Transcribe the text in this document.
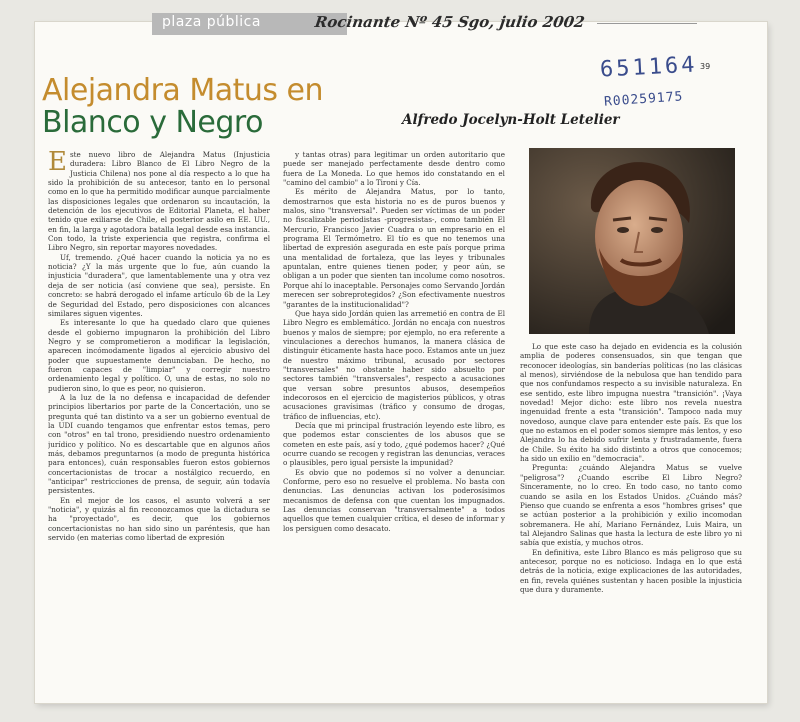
plaza pública	Rocinante Nº 45 Sgo, julio 2002
39
651164
R00259175
Alejandra Matus en
Blanco y Negro	Alfredo Jocelyn-Holt Letelier

Este nuevo libro de Alejandra Matus (Injusticia duradera: Libro Blanco de El Libro Negro de la Justicia Chilena) nos pone al día respecto a lo que ha sido la prohibición de su antecesor, tanto en lo personal como en lo que ha permitido modificar aunque parcialmente las disposiciones legales que ordenaron su incautación, la detención de los ejecutivos de Editorial Planeta, el haber tenido que exiliarse de Chile, el posterior asilo en EE. UU., en fin, la larga y agotadora batalla legal desde esa instancia. Con todo, la triste experiencia que registra, confirma el Libro Negro, sin reportar mayores novedades.

Uf, tremendo. ¿Qué hacer cuando la noticia ya no es noticia? ¿Y la más urgente que lo fue, aún cuando la injusticia "duradera", que lamentablemente una y otra vez deja de ser noticia (así conviene que sea), persiste. En concreto: se habrá derogado el infame artículo 6b de la Ley de Seguridad del Estado, pero disposiciones con alcances similares siguen vigentes.

Es interesante lo que ha quedado claro que quienes desde el gobierno impugnaron la prohibición del Libro Negro y se comprometieron a modificar la legislación, aparecen incómodamente ligados al ejercicio abusivo del poder que supuestamente denunciaban. De hecho, no fueron capaces de "limpiar" y corregir nuestro ordenamiento legal y político. O, una de estas, no solo no pudieron sino, lo que es peor, no quisieron.

A la luz de la no defensa e incapacidad de defender principios libertarios por parte de la Concertación, uno se pregunta qué tan distinto va a ser un gobierno eventual de la UDI cuando tengamos que enfrentar estos temas, pero con "otros" en tal trono, presidiendo nuestro ordenamiento jurídico y político. No es descartable que en algunos años más, debamos preguntarnos (a modo de pregunta histórica para entonces), cuán responsables fueron estos gobiernos concertacionistas de trocar a nostálgico recuerdo, en "anticipar" restricciones de prensa, de seguir, aún todavía persistentes.

En el mejor de los casos, el asunto volverá a ser "noticia", y quizás al fin reconozcamos que la dictadura se ha "proyectado", es decir, que los gobiernos concertacionistas no han sido sino un paréntesis, que han servido (en materias como libertad de expresión

y tantas otras) para legitimar un orden autoritario que puede ser manejado perfectamente desde dentro como fuera de La Moneda. Lo que hemos ido constatando en el "camino del cambio" a lo Tironi y Cía.

Es mérito de Alejandra Matus, por lo tanto, demostrarnos que esta historia no es de puros buenos y malos, sino "transversal". Pueden ser víctimas de un poder no fiscalizable periodistas -progresistas-, como también El Mercurio, Francisco Javier Cuadra o un empresario en el programa El Termómetro. El tío es que no tenemos una libertad de expresión asegurada en este país porque prima una mentalidad de fortaleza, que las leyes y tribunales apuntalan, entre quienes tienen poder, y peor aún, se obligan a un poder que sienten tan incolume como nosotros. Porque ahí lo inaceptable. Personajes como Servando Jordán merecen ser sobreprotegidos? ¿Son efectivamente nuestros "garantes de la institucionalidad"?

Que haya sido Jordán quien las arremetió en contra de El Libro Negro es emblemático. Jordán no encaja con nuestros buenos y malos de siempre; por ejemplo, no era referente a vinculaciones a derechos humanos, la manera clásica de distinguir éticamente hasta hace poco. Estamos ante un juez de nuestro máximo tribunal, acusado por sectores "transversales" no obstante haber sido absuelto por sectores también "transversales", respecto a acusaciones que versan sobre presuntos abusos, desempeños indecorosos en el ejercicio de magisterios públicos, y otras acusaciones gravísimas (tráfico y consumo de drogas, tráfico de influencias, etc).

Decía que mi principal frustración leyendo este libro, es que podemos estar conscientes de los abusos que se cometen en este país, así y todo, ¿qué podemos hacer? ¿Qué ocurre cuando se recogen y registran las denuncias, veraces o plausibles, pero igual persiste la impunidad?

Es obvio que no podemos sí no volver a denunciar. Conforme, pero eso no resuelve el problema. No basta con denuncias. Las denuncias activan los poderosísimos mecanismos de defensa con que cuentan los impugnados. Las denuncias conservan "transversalmente" a todos aquellos que temen cualquier crítica, el deseo de informar y los persiguen como desacato.

Lo que este caso ha dejado en evidencia es la colusión amplia de poderes consensuados, sin que tengan que reconocer ideologías, sin banderías políticas (no las clásicas al menos), sirviéndose de la nebulosa que han tendido para que nos confundamos respecto a su invisible naturaleza. En ese sentido, este libro impugna nuestra "transición". ¡Vaya novedad! Mejor dicho: este libro nos revela nuestra ingenuidad frente a esta "transición". Tampoco nada muy novedoso, aunque clave para entender este país. Es que los que no estamos en el poder somos siempre más lentos, y eso Alejandra lo ha debido sufrir lenta y frustradamente, fuera de Chile. Su éxito ha sido distinto a otros que conocemos; ha sido un exilio en "democracia".

Pregunta: ¿cuándo Alejandra Matus se vuelve "peligrosa"? ¿Cuando escribe El Libro Negro? Sinceramente, no lo creo. En todo caso, no tanto como cuando se asila en los Estados Unidos. ¿Cuándo más? Pienso que cuando se enfrenta a esos "hombres grises" que se actúan posterior a la prohibición y exilio incomodan sobremanera. He ahí, Mariano Fernández, Luis Maira, un tal Alejandro Salinas que hasta la lectura de este libro yo ni sabía que existía, y muchos otros.

En definitiva, este Libro Blanco es más peligroso que su antecesor, porque no es noticioso. Indaga en lo que está detrás de la noticia, exige explicaciones de las autoridades, en fin, revela quiénes sustentan y hacen posible la injusticia que dura y duramente.
